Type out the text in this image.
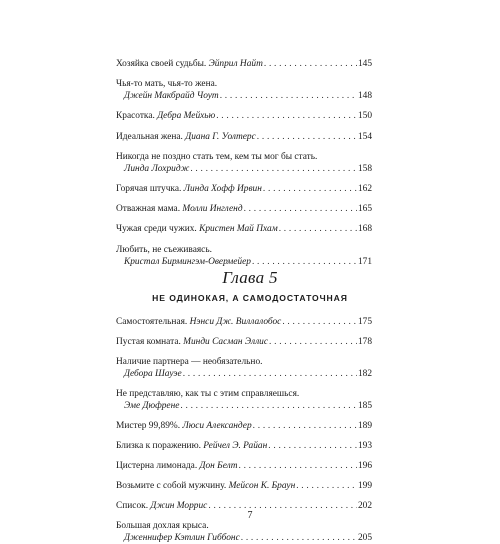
Хозяйка своей судьбы.
Эйприл Найт . . .	145
Чья-то мать, чья-то жена.
Джейн Макбрайд Чоут . . .	148
Красотка.
Дебра Мейхью . . .	150
Идеальная жена.
Диана Г. Уолтерс . . .	154
Никогда не поздно стать тем, кем ты мог бы стать.
Линда Лохридж . . .	158
Горячая штучка.
Линда Хофф Ирвин . . .	162
Отважная мама.
Молли Ингленд . . .	165
Чужая среди чужих.
Кристен Май Пхам . . .	168
Любить, не съеживаясь.
Кристал Бирмингэм-Овермейер . . .	171
Глава 5
НЕ ОДИНОКАЯ, А САМОДОСТАТОЧНАЯ
Самостоятельная.
Нэнси Дж. Виллалобос . . .	175
Пустая комната.
Минди Сасман Эллис . . .	178
Наличие партнера — необязательно.
Дебора Шауэе . . .	182
Не представляю, как ты с этим справляешься.
Эме Дюфрене . . .	185
Мистер 99,89%.
Люси Александер . . .	189
Близка к поражению.
Рейчел Э. Райан . . .	193
Цистерна лимонада.
Дон Белт . . .	196
Возьмите с собой мужчину.
Мейсон К. Браун . . .	199
Список.
Джин Моррис . . .	202
Большая дохлая крыса.
Дженнифер Кэтлин Гиббонс . . .	205
7
